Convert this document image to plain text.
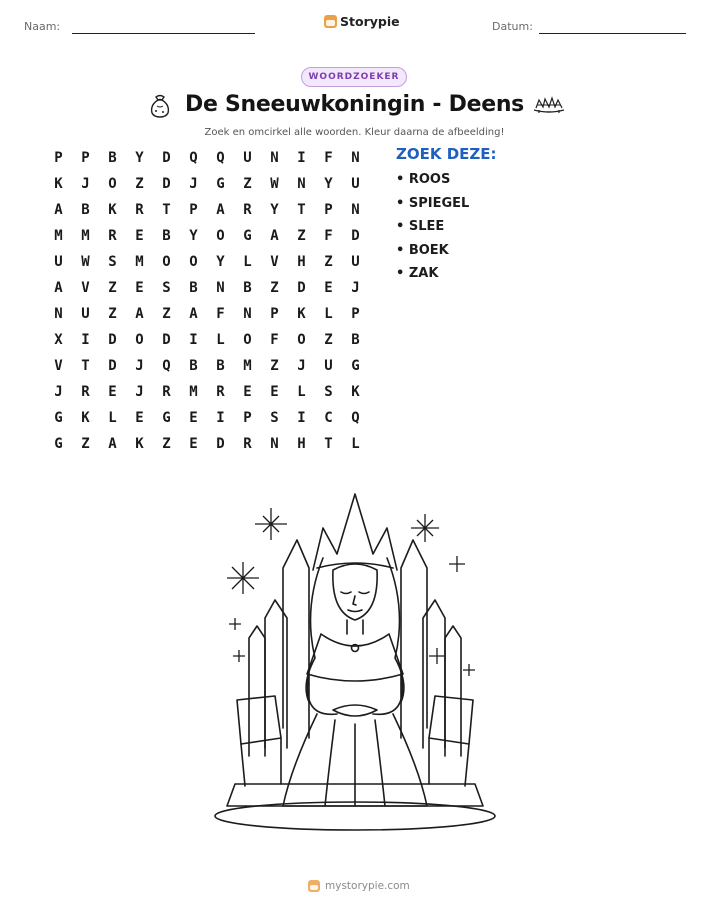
Naam:	Storypie	Datum:
WOORDZOEKER
De Sneeuwkoningin - Deens
Zoek en omcirkel alle woorden. Kleur daarna de afbeelding!
P	P	B	Y	D	Q	Q	U	N	I	F	N
K	J	O	Z	D	J	G	Z	W	N	Y	U
A	B	K	R	T	P	A	R	Y	T	P	N
M	M	R	E	B	Y	O	G	A	Z	F	D
U	W	S	M	O	O	Y	L	V	H	Z	U
A	V	Z	E	S	B	N	B	Z	D	E	J
N	U	Z	A	Z	A	F	N	P	K	L	P
X	I	D	O	D	I	L	O	F	O	Z	B
V	T	D	J	Q	B	B	M	Z	J	U	G
J	R	E	J	R	M	R	E	E	L	S	K
G	K	L	E	G	E	I	P	S	I	C	Q
G	Z	A	K	Z	E	D	R	N	H	T	L
ZOEK DEZE:
• ROOS
• SPIEGEL
• SLEE
• BOEK
• ZAK
mystorypie.com
